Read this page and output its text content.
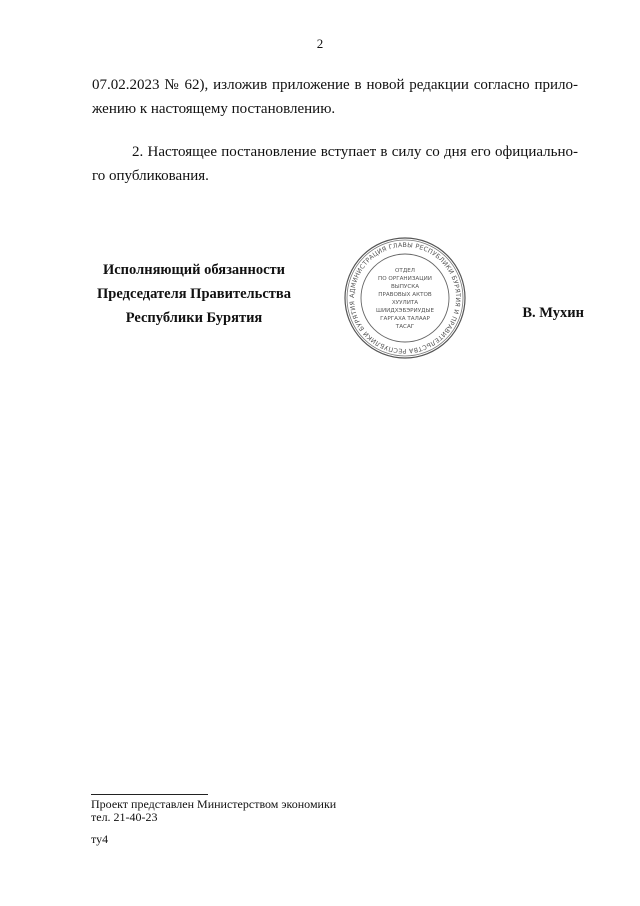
2
07.02.2023 № 62), изложив приложение в новой редакции согласно прило-
жению к настоящему постановлению.
2. Настоящее постановление вступает в силу со дня его официально-
го опубликования.
Исполняющий обязанности
Председателя Правительства
Республики Бурятия
АДМИНИСТРАЦИЯ ГЛАВЫ РЕСПУБЛИКИ БУРЯТИЯ И ПРАВИТЕЛЬСТВА РЕСПУБЛИКИ БУРЯТИЯ
ОТДЕЛ
ПО ОРГАНИЗАЦИИ
ВЫПУСКА
ПРАВОВЫХ АКТОВ
ХУУЛИТА
ШИИДХЭБЭРИУДЫЕ
ГАРГАХА ТАЛААР
ТАСАГ
В. Мухин
Проект представлен Министерством экономики
тел. 21-40-23
ту4
